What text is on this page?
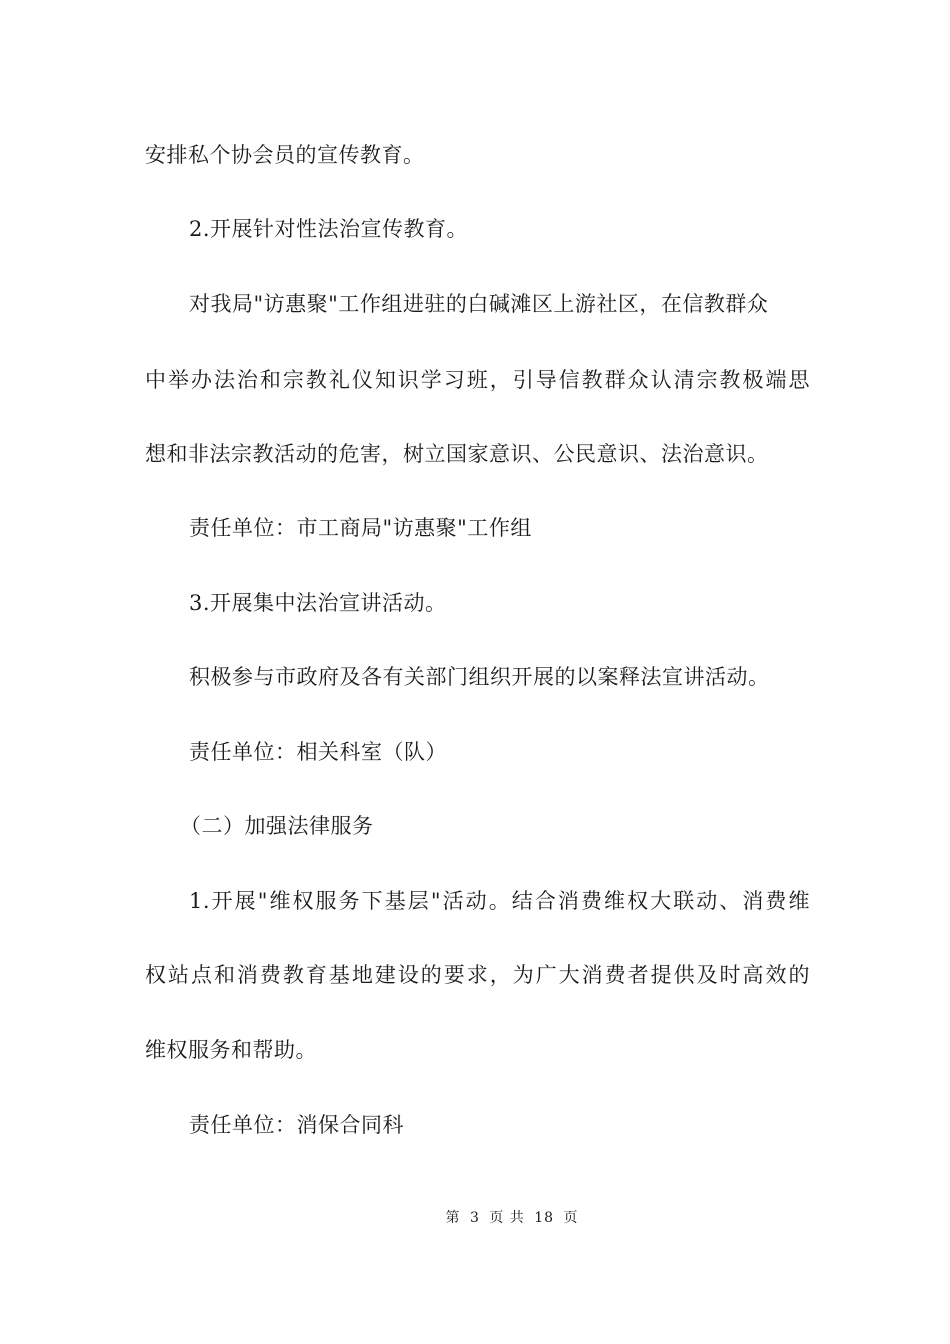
安排私个协会员的宣传教育。
2.开展针对性法治宣传教育。
对我局"访惠聚"工作组进驻的白碱滩区上游社区，在信教群众
中举办法治和宗教礼仪知识学习班，引导信教群众认清宗教极端思
想和非法宗教活动的危害，树立国家意识、公民意识、法治意识。
责任单位：市工商局"访惠聚"工作组
3.开展集中法治宣讲活动。
积极参与市政府及各有关部门组织开展的以案释法宣讲活动。
责任单位：相关科室（队）
（二）加强法律服务
1.开展"维权服务下基层"活动。结合消费维权大联动、消费维
权站点和消费教育基地建设的要求，为广大消费者提供及时高效的
维权服务和帮助。
责任单位：消保合同科
第 3 页 共 18 页
